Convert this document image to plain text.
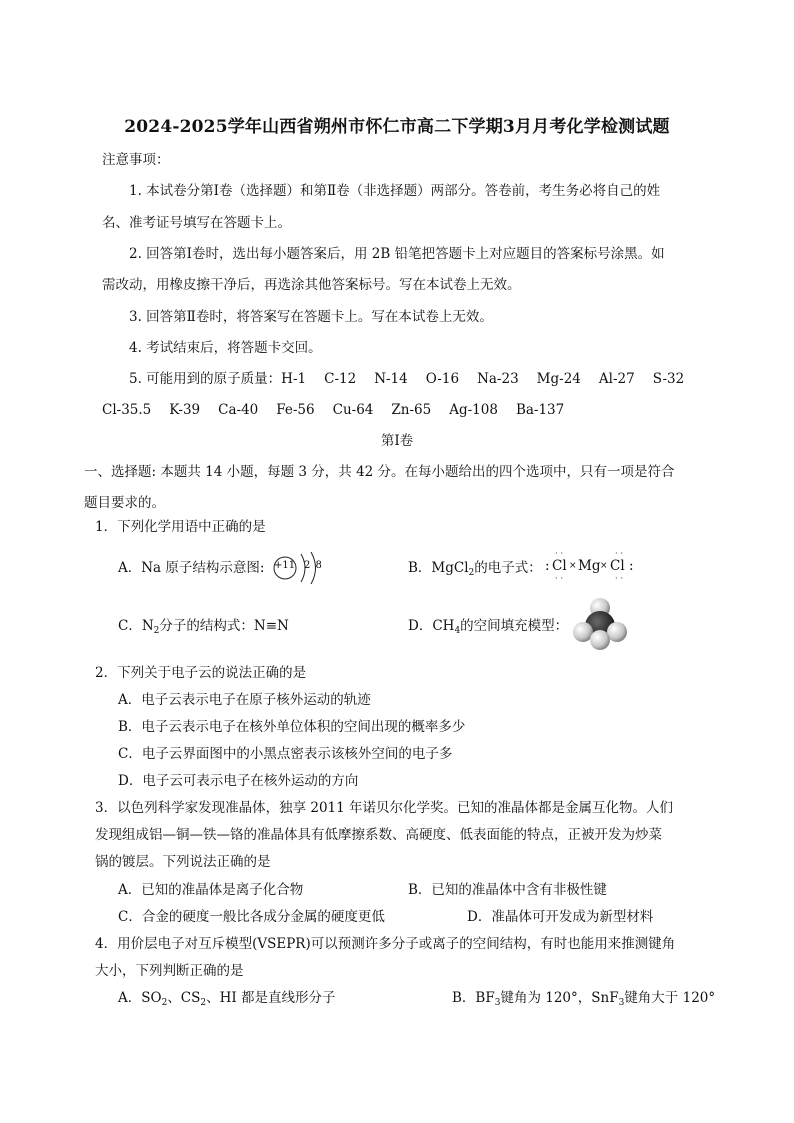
2024-2025学年山西省朔州市怀仁市高二下学期3月月考化学检测试题
注意事项：
1. 本试卷分第Ⅰ卷（选择题）和第Ⅱ卷（非选择题）两部分。答卷前，考生务必将自己的姓
名、准考证号填写在答题卡上。
2. 回答第Ⅰ卷时，选出每小题答案后，用 2B 铅笔把答题卡上对应题目的答案标号涂黑。如
需改动，用橡皮擦干净后，再选涂其他答案标号。写在本试卷上无效。
3. 回答第Ⅱ卷时，将答案写在答题卡上。写在本试卷上无效。
4. 考试结束后，将答题卡交回。
5. 可能用到的原子质量：H-1 C-12 N-14 O-16 Na-23 Mg-24 Al-27 S-32
Cl-35.5 K-39 Ca-40 Fe-56 Cu-64 Zn-65 Ag-108 Ba-137
第Ⅰ卷
一、选择题: 本题共 14 小题，每题 3 分，共 42 分。在每小题给出的四个选项中，只有一项是符合
题目要求的。
1．下列化学用语中正确的是
A．Na 原子结构示意图: +11 2 8	B．MgCl$_2$的电子式：
··
··
··
··
: Cl × Mg × Cl :
C．$N_2$分子的结构式：N≡N	D．$CH_4$的空间填充模型：
2．下列关于电子云的说法正确的是
A．电子云表示电子在原子核外运动的轨迹
B．电子云表示电子在核外单位体积的空间出现的概率多少
C．电子云界面图中的小黑点密表示该核外空间的电子多
D．电子云可表示电子在核外运动的方向
3．以色列科学家发现准晶体，独享 2011 年诺贝尔化学奖。已知的准晶体都是金属互化物。人们
发现组成铝—铜—铁—铬的准晶体具有低摩擦系数、高硬度、低表面能的特点，正被开发为炒菜
锅的镀层。下列说法正确的是
A．已知的准晶体是离子化合物	B．已知的准晶体中含有非极性键
C．合金的硬度一般比各成分金属的硬度更低	D．准晶体可开发成为新型材料
4．用价层电子对互斥模型(VSEPR)可以预测许多分子或离子的空间结构，有时也能用来推测键角
大小，下列判断正确的是
A．$SO_2$、$CS_2$、HI 都是直线形分子	B．$BF_3$键角为 120°，SnF$_3$键角大于 120°
